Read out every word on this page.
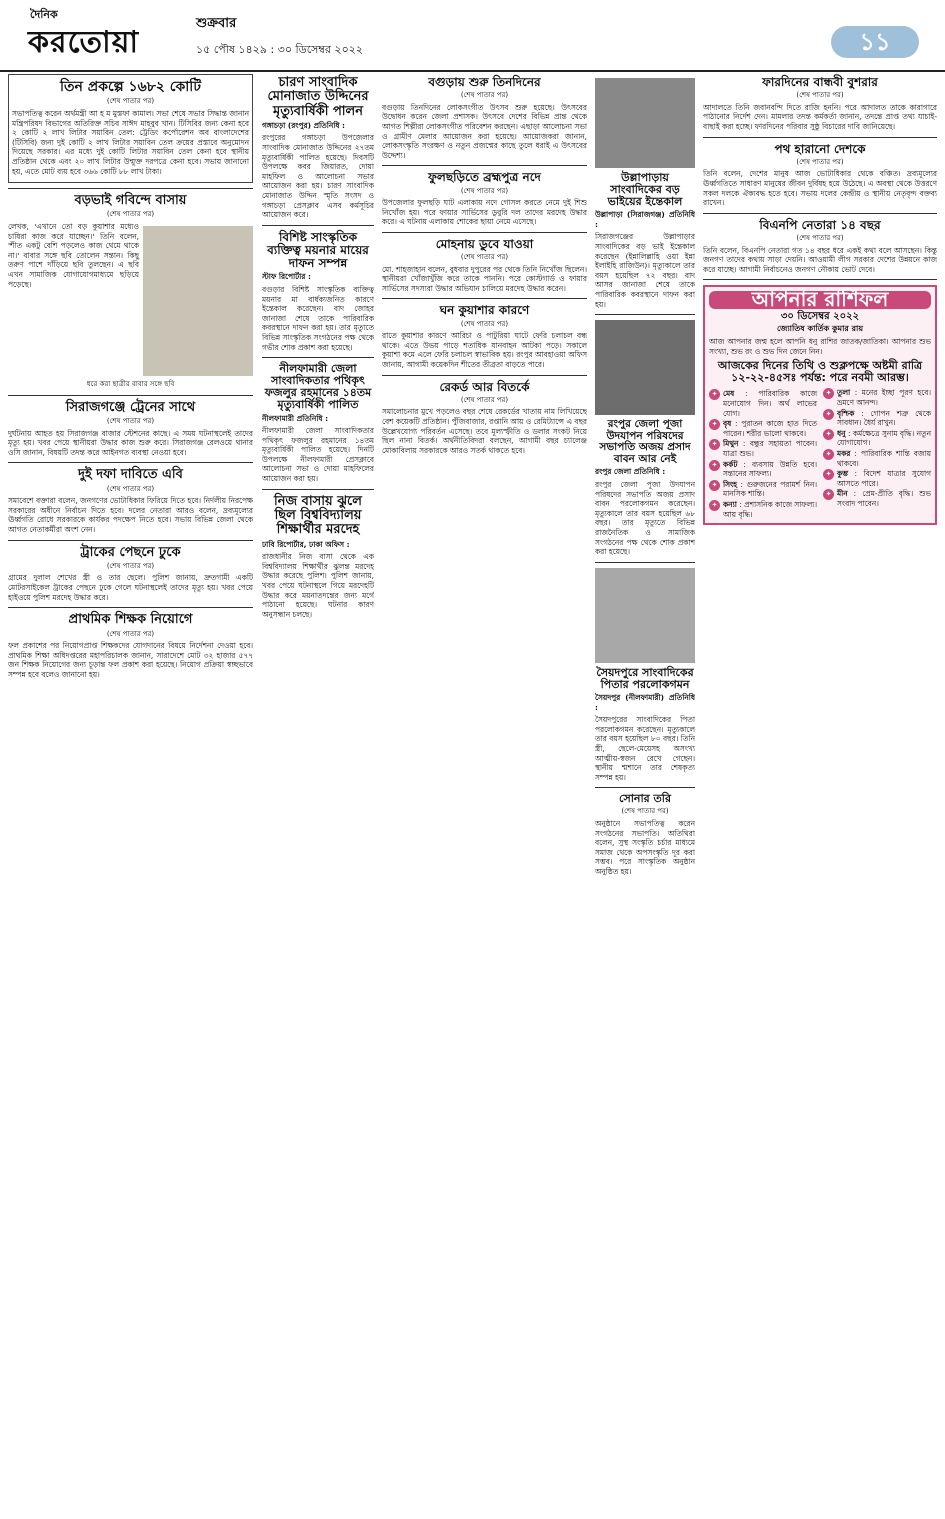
দৈনিক
করতোয়া
শুক্রবার
১৫ পৌষ ১৪২৯ : ৩০ ডিসেম্বর ২০২২	১১
তিন প্রকল্পে ১৬৮২ কোটি
(শেষ পাতার পর)

সভাপতিত্ব করেন অর্থমন্ত্রী আ হ ম মুস্তফা কামাল। সভা শেষে সভার সিদ্ধান্ত জানান মন্ত্রিপরিষদ বিভাগের অতিরিক্ত সচিব সাঈদ মাহবুব খান। টিসিবির জন্য কেনা হবে ২ কোটি ২ লাখ লিটার সয়াবিন তেল: ট্রেডিং কর্পোরেশন অব বাংলাদেশের (টিসিবি) জন্য দুই কোটি ২ লাখ লিটার সয়াবিন তেল ক্রয়ের প্রস্তাবে অনুমোদন দিয়েছে সরকার। এর মধ্যে দুই কোটি লিটার সয়াবিন তেল কেনা হবে স্থানীয় প্রতিষ্ঠান থেকে এবং ২০ লাখ লিটার উন্মুক্ত দরপত্রে কেনা হবে। সভায় জানানো হয়, এতে মোট ব্যয় হবে ৩৬৬ কোটি ৮৮ লাখ টাকা।

বড়ভাই গবিন্দে বাসায়
(শেষ পাতার পর)

লেখক, 'এখানে তো বড় কুয়াশার মধ্যেও চাষিরা কাজ করে যাচ্ছেন।' তিনি বলেন, 'শীত একটু বেশি পড়লেও কাজ থেমে থাকে না।' বাবার সঙ্গে ছবি তোলেন সন্তান। কিছু তরুণ পাশে দাঁড়িয়ে ছবি তুলছেন। এ ছবি এখন সামাজিক যোগাযোগমাধ্যমে ছড়িয়ে পড়েছে।

ধরে করা ছাত্রীর বাবার সঙ্গে ছবি
সিরাজগঞ্জে ট্রেনের সাথে
(শেষ পাতার পর)

দুর্ঘটনায় আহত হয় সিরাজগঞ্জ বাজার স্টেশনের কাছে। এ সময় ঘটনাস্থলেই তাদের মৃত্যু হয়। খবর পেয়ে স্থানীয়রা উদ্ধার কাজ শুরু করে। সিরাজগঞ্জ রেলওয়ে থানার ওসি জানান, বিষয়টি তদন্ত করে আইনগত ব্যবস্থা নেওয়া হবে।

দুই দফা দাবিতে এবি
(শেষ পাতার পর)

সমাবেশে বক্তারা বলেন, জনগণের ভোটাধিকার ফিরিয়ে দিতে হবে। নির্দলীয় নিরপেক্ষ সরকারের অধীনে নির্বাচন দিতে হবে। দলের নেতারা আরও বলেন, দ্রব্যমূল্যের ঊর্ধ্বগতি রোধে সরকারকে কার্যকর পদক্ষেপ নিতে হবে। সভায় বিভিন্ন জেলা থেকে আগত নেতাকর্মীরা অংশ নেন।

ট্রাকের পেছনে ঢুকে
(শেষ পাতার পর)

গ্রামের দুলাল শেখের স্ত্রী ও তার ছেলে। পুলিশ জানায়, দ্রুতগামী একটি মোটরসাইকেল ট্রাকের পেছনে ঢুকে গেলে ঘটনাস্থলেই তাদের মৃত্যু হয়। খবর পেয়ে হাইওয়ে পুলিশ মরদেহ উদ্ধার করে।

প্রাথমিক শিক্ষক নিয়োগে
(শেষ পাতার পর)

ফল প্রকাশের পর নিয়োগপ্রাপ্ত শিক্ষকদের যোগদানের বিষয়ে নির্দেশনা দেওয়া হবে। প্রাথমিক শিক্ষা অধিদপ্তরের মহাপরিচালক জানান, সারাদেশে মোট ৩২ হাজার ৫৭৭ জন শিক্ষক নিয়োগের জন্য চূড়ান্ত ফল প্রকাশ করা হয়েছে। নিয়োগ প্রক্রিয়া স্বচ্ছভাবে সম্পন্ন হবে বলেও জানানো হয়।

চারণ সাংবাদিক মোনাজাত উদ্দিনের মৃত্যুবার্ষিকী পালন

গঙ্গাচড়া (রংপুর) প্রতিনিধি :

রংপুরের গঙ্গাচড়া উপজেলার সাংবাদিক মোনাজাত উদ্দিনের ২৭তম মৃত্যুবার্ষিকী পালিত হয়েছে। দিবসটি উপলক্ষে কবর জিয়ারত, দোয়া মাহফিল ও আলোচনা সভার আয়োজন করা হয়। চারণ সাংবাদিক মোনাজাত উদ্দিন স্মৃতি সংসদ ও গঙ্গাচড়া প্রেসক্লাব এসব কর্মসূচির আয়োজন করে।

বিশিষ্ট সাংস্কৃতিক ব্যক্তিত্ব ময়নার মায়ের দাফন সম্পন্ন

স্টাফ রিপোর্টার :

বগুড়ার বিশিষ্ট সাংস্কৃতিক ব্যক্তিত্ব ময়নার মা বার্ধক্যজনিত কারণে ইন্তেকাল করেছেন। বাদ জোহর জানাজা শেষে তাকে পারিবারিক কবরস্থানে দাফন করা হয়। তার মৃত্যুতে বিভিন্ন সাংস্কৃতিক সংগঠনের পক্ষ থেকে গভীর শোক প্রকাশ করা হয়েছে।

নীলফামারী জেলা সাংবাদিকতার পথিকৃৎ ফজলুর রহমানের ১৪তম মৃত্যুবার্ষিকী পালিত

নীলফামারী প্রতিনিধি :

নীলফামারী জেলা সাংবাদিকতার পথিকৃৎ ফজলুর রহমানের ১৪তম মৃত্যুবার্ষিকী পালিত হয়েছে। দিনটি উপলক্ষে নীলফামারী প্রেসক্লাবে আলোচনা সভা ও দোয়া মাহফিলের আয়োজন করা হয়।

নিজ বাসায় ঝুলে ছিল বিশ্ববিদ্যালয় শিক্ষার্থীর মরদেহ

ঢাবি রিপোর্টার, ঢাকা অফিস :

রাজধানীর নিজ বাসা থেকে এক বিশ্ববিদ্যালয় শিক্ষার্থীর ঝুলন্ত মরদেহ উদ্ধার করেছে পুলিশ। পুলিশ জানায়, খবর পেয়ে ঘটনাস্থলে গিয়ে মরদেহটি উদ্ধার করে ময়নাতদন্তের জন্য মর্গে পাঠানো হয়েছে। ঘটনার কারণ অনুসন্ধান চলছে।

বগুড়ায় শুরু তিনদিনের
(শেষ পাতার পর)

বগুড়ায় তিনদিনের লোকসংগীত উৎসব শুরু হয়েছে। উৎসবের উদ্বোধন করেন জেলা প্রশাসক। উৎসবে দেশের বিভিন্ন প্রান্ত থেকে আগত শিল্পীরা লোকসংগীত পরিবেশন করছেন। এছাড়া আলোচনা সভা ও গ্রামীণ মেলার আয়োজন করা হয়েছে। আয়োজকরা জানান, লোকসংস্কৃতি সংরক্ষণ ও নতুন প্রজন্মের কাছে তুলে ধরাই এ উৎসবের উদ্দেশ্য।

ফুলছড়িতে ব্রহ্মপুত্র নদে
(শেষ পাতার পর)

উপজেলার ফুলছড়ি ঘাট এলাকায় নদে গোসল করতে নেমে দুই শিশু নিখোঁজ হয়। পরে ফায়ার সার্ভিসের ডুবুরি দল তাদের মরদেহ উদ্ধার করে। এ ঘটনায় এলাকায় শোকের ছায়া নেমে এসেছে।

মোহনায় ডুবে যাওয়া
(শেষ পাতার পর)

মো. শাহজাহান বলেন, বুধবার দুপুরের পর থেকে তিনি নিখোঁজ ছিলেন। স্থানীয়রা খোঁজাখুঁজি করে তাকে পাননি। পরে কোস্টগার্ড ও ফায়ার সার্ভিসের সদস্যরা উদ্ধার অভিযান চালিয়ে মরদেহ উদ্ধার করেন।

ঘন কুয়াশার কারণে
(শেষ পাতার পর)

রাতে কুয়াশার কারণে আরিচা ও পাটুরিয়া ঘাটে ফেরি চলাচল বন্ধ থাকে। এতে উভয় পাড়ে শতাধিক যানবাহন আটকা পড়ে। সকালে কুয়াশা কমে এলে ফেরি চলাচল স্বাভাবিক হয়। রংপুর আবহাওয়া অফিস জানায়, আগামী কয়েকদিন শীতের তীব্রতা বাড়তে পারে।

রেকর্ড আর বিতর্কে
(শেষ পাতার পর)

সমালোচনার মুখে পড়লেও বছর শেষে রেকর্ডের খাতায় নাম লিখিয়েছে বেশ কয়েকটি প্রতিষ্ঠান। পুঁজিবাজার, রপ্তানি আয় ও রেমিট্যান্সে এ বছর উল্লেখযোগ্য পরিবর্তন এসেছে। তবে মূল্যস্ফীতি ও ডলার সংকট নিয়ে ছিল নানা বিতর্ক। অর্থনীতিবিদরা বলছেন, আগামী বছর চ্যালেঞ্জ মোকাবিলায় সরকারকে আরও সতর্ক থাকতে হবে।

উল্লাপাড়ায় সাংবাদিকের বড় ভাইয়ের ইন্তেকাল

উল্লাপাড়া (সিরাজগঞ্জ) প্রতিনিধি :

সিরাজগঞ্জের উল্লাপাড়ার সাংবাদিকের বড় ভাই ইন্তেকাল করেছেন (ইন্নালিল্লাহি ওয়া ইন্না ইলাইহি রাজিউন)। মৃত্যুকালে তার বয়স হয়েছিল ৭২ বছর। বাদ আসর জানাজা শেষে তাকে পারিবারিক কবরস্থানে দাফন করা হয়।

রংপুর জেলা পূজা উদযাপন পরিষদের সভাপতি অজয় প্রসাদ বাবন আর নেই

রংপুর জেলা প্রতিনিধি :

রংপুর জেলা পূজা উদযাপন পরিষদের সভাপতি অজয় প্রসাদ বাবন পরলোকগমন করেছেন। মৃত্যুকালে তার বয়স হয়েছিল ৬৮ বছর। তার মৃত্যুতে বিভিন্ন রাজনৈতিক ও সামাজিক সংগঠনের পক্ষ থেকে শোক প্রকাশ করা হয়েছে।

সৈয়দপুরে সাংবাদিকের পিতার পরলোকগমন

সৈয়দপুর (নীলফামারী) প্রতিনিধি :

সৈয়দপুরের সাংবাদিকের পিতা পরলোকগমন করেছেন। মৃত্যুকালে তার বয়স হয়েছিল ৮০ বছর। তিনি স্ত্রী, ছেলে-মেয়েসহ অসংখ্য আত্মীয়-স্বজন রেখে গেছেন। স্থানীয় শ্মশানে তার শেষকৃত্য সম্পন্ন হয়।

সোনার তরি
(শেষ পাতার পর)

অনুষ্ঠানে সভাপতিত্ব করেন সংগঠনের সভাপতি। অতিথিরা বলেন, সুস্থ সংস্কৃতি চর্চার মাধ্যমে সমাজ থেকে অপসংস্কৃতি দূর করা সম্ভব। পরে সাংস্কৃতিক অনুষ্ঠান অনুষ্ঠিত হয়।

ফারদিনের বান্ধবী বুশরার
(শেষ পাতার পর)

আদালতে তিনি জবানবন্দি দিতে রাজি হননি। পরে আদালত তাকে কারাগারে পাঠানোর নির্দেশ দেন। মামলার তদন্ত কর্মকর্তা জানান, তদন্তে প্রাপ্ত তথ্য যাচাই-বাছাই করা হচ্ছে। ফারদিনের পরিবার সুষ্ঠু বিচারের দাবি জানিয়েছে।

পথ হারানো দেশকে
(শেষ পাতার পর)

তিনি বলেন, দেশের মানুষ আজ ভোটাধিকার থেকে বঞ্চিত। দ্রব্যমূল্যের ঊর্ধ্বগতিতে সাধারণ মানুষের জীবন দুর্বিষহ হয়ে উঠেছে। এ অবস্থা থেকে উত্তরণে সকল দলকে ঐক্যবদ্ধ হতে হবে। সভায় দলের কেন্দ্রীয় ও স্থানীয় নেতৃবৃন্দ বক্তব্য রাখেন।

বিএনপি নেতারা ১৪ বছর
(শেষ পাতার পর)

তিনি বলেন, বিএনপি নেতারা গত ১৪ বছর ধরে একই কথা বলে আসছেন। কিন্তু জনগণ তাদের কথায় সাড়া দেয়নি। আওয়ামী লীগ সরকার দেশের উন্নয়নে কাজ করে যাচ্ছে। আগামী নির্বাচনেও জনগণ নৌকায় ভোট দেবে।

আপনার রাশিফল
৩০ ডিসেম্বর ২০২২
জ্যোতিষ কার্তিক কুমার রায়

আজ আপনার জন্ম হলে আপনি ধনু রাশির জাতক/জাতিকা। আপনার শুভ সংখ্যা, শুভ রং ও শুভ দিন জেনে নিন।

আজকের দিনের তিথি ও শুক্লপক্ষে অষ্টমী রাত্রি ১২-২২-৪৫সঃ পর্যন্ত: পরে নবমী আরম্ভ।
✦ মেষ : পারিবারিক কাজে মনোযোগ দিন। অর্থ লাভের যোগ।
✦ বৃষ : পুরাতন কাজে হাত দিতে পারেন। শরীর ভালো থাকবে।
✦ মিথুন : বন্ধুর সহায়তা পাবেন। যাত্রা শুভ।
✦ কর্কট : ব্যবসায় উন্নতি হবে। সন্তানের সাফল্য।
✦ সিংহ : গুরুজনের পরামর্শ নিন। মানসিক শান্তি।
✦ কন্যা : প্রশাসনিক কাজে সাফল্য। আয় বৃদ্ধি।
✦ তুলা : মনের ইচ্ছা পূরণ হবে। ভ্রমণে আনন্দ।
✦ বৃশ্চিক : গোপন শত্রু থেকে সাবধান। ধৈর্য রাখুন।
✦ ধনু : কর্মক্ষেত্রে সুনাম বৃদ্ধি। নতুন যোগাযোগ।
✦ মকর : পারিবারিক শান্তি বজায় থাকবে।
✦ কুম্ভ : বিদেশ যাত্রার সুযোগ আসতে পারে।
✦ মীন : প্রেম-প্রীতি বৃদ্ধি। শুভ সংবাদ পাবেন।
